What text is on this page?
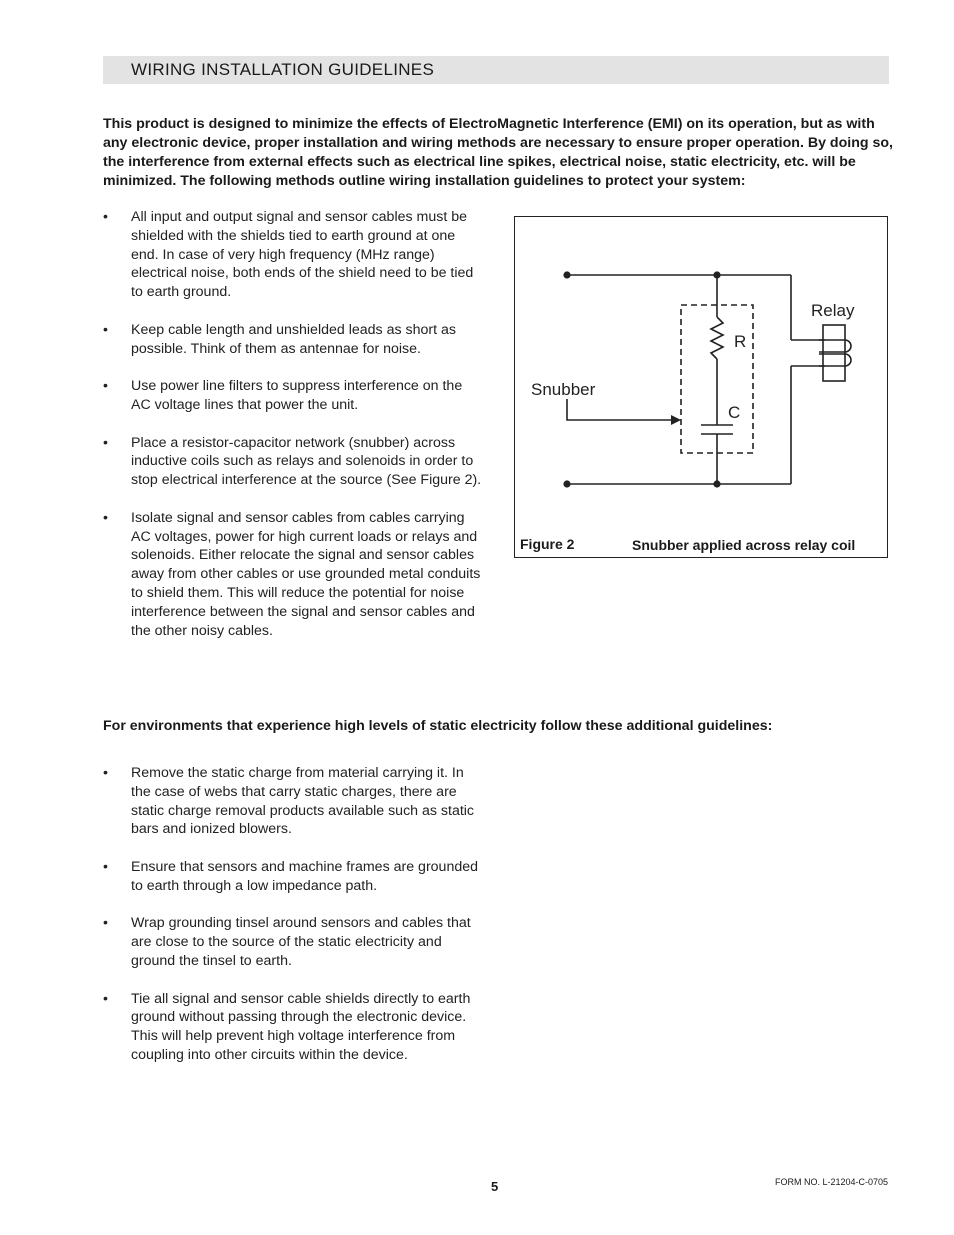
WIRING INSTALLATION GUIDELINES

This product is designed to minimize the effects of ElectroMagnetic Interference (EMI) on its operation, but as with any electronic device, proper installation and wiring methods are necessary to ensure proper operation. By doing so, the interference from external effects such as electrical line spikes, electrical noise, static electricity, etc. will be minimized. The following methods outline wiring installation guidelines to protect your system:

• All input and output signal and sensor cables must be shielded with the shields tied to earth ground at one end. In case of very high frequency (MHz range) electrical noise, both ends of the shield need to be tied to earth ground.
• Keep cable length and unshielded leads as short as possible. Think of them as antennae for noise.
• Use power line filters to suppress interference on the AC voltage lines that power the unit.
• Place a resistor-capacitor network (snubber) across inductive coils such as relays and solenoids in order to stop electrical interference at the source (See Figure 2).
• Isolate signal and sensor cables from cables carrying AC voltages, power for high current loads or relays and solenoids. Either relocate the signal and sensor cables away from other cables or use grounded metal conduits to shield them. This will reduce the potential for noise interference between the signal and sensor cables and the other noisy cables.
Relay
Snubber
R
C
Figure 2	Snubber applied across relay coil

For environments that experience high levels of static electricity follow these additional guidelines:

• Remove the static charge from material carrying it. In the case of webs that carry static charges, there are static charge removal products available such as static bars and ionized blowers.
• Ensure that sensors and machine frames are grounded to earth through a low impedance path.
• Wrap grounding tinsel around sensors and cables that are close to the source of the static electricity and ground the tinsel to earth.
• Tie all signal and sensor cable shields directly to earth ground without passing through the electronic device. This will help prevent high voltage interference from coupling into other circuits within the device.
5	FORM NO. L-21204-C-0705
